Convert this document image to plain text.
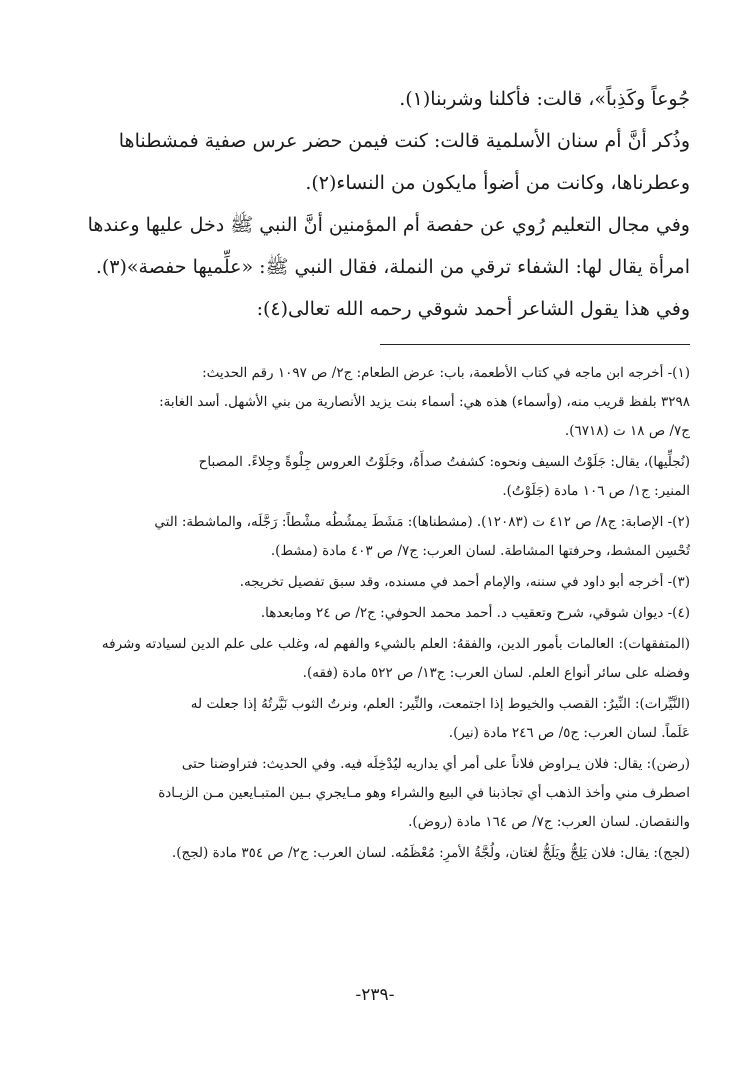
جُوعاً وكَذِباً»، قالت: فأكلنا وشربنا(١).

وذُكر أنَّ أم سنان الأسلمية قالت: كنت فيمن حضر عرس صفية فمشطناها
وعطرناها، وكانت من أضوأ مايكون من النساء(٢).

وفي مجال التعليم رُوي عن حفصة أم المؤمنين أنَّ النبي ﷺ دخل عليها وعندها
امرأة يقال لها: الشفاء ترقي من النملة، فقال النبي ﷺ: «علِّميها حفصة»(٣).

وفي هذا يقول الشاعر أحمد شوقي رحمه الله تعالى(٤):

(١)- أخرجه ابن ماجه في كتاب الأطعمة، باب: عرض الطعام: ج٢/ ص ١٠٩٧ رقم الحديث:
٣٢٩٨ بلفظ قريب منه، (وأسماء) هذه هي: أسماء بنت يزيد الأنصارية من بني الأشهل. أسد الغابة:
ج٧/ ص ١٨ ت (٦٧١٨).
(نُجلِّيها)، يقال: جَلَوْتُ السيف ونحوه: كشفتُ صدأَهُ، وجَلَوْتُ العروس جِلْوةً وجِلاءً. المصباح
المنير: ج١/ ص ١٠٦ مادة (جَلَوْتُ).
(٢)- الإصابة: ج٨/ ص ٤١٢ ت (١٢٠٨٣). (مشطناها): مَشَطَ يمشُطُه مشْطاً: رَجَّلَه، والماشطة: التي
تُحْسِن المشط، وحرفتها المشاطة. لسان العرب: ج٧/ ص ٤٠٣ مادة (مشط).
(٣)- أخرجه أبو داود في سننه، والإمام أحمد في مسنده، وقد سبق تفصيل تخريجه.
(٤)- ديوان شوقي، شرح وتعقيب د. أحمد محمد الحوفي: ج٢/ ص ٢٤ ومابعدها.
(المتفقهات): العالمات بأمور الدين، والفقهُ: العلم بالشيء والفهم له، وغلب على علم الدين لسيادته وشرفه
وفضله على سائر أنواع العلم. لسان العرب: ج١٣/ ص ٥٢٢ مادة (فقه).
(النَّيِّرات): النِّيرُ: القصب والخيوط إذا اجتمعت، والنِّير: العلم، ونرتُ الثوب نَيَّرتُهُ إذا جعلت له
عَلَماً. لسان العرب: ج٥/ ص ٢٤٦ مادة (نير).
(رضن): يقال: فلان يـراوض فلاناً على أمر أي يداريه ليُدْخِلَه فيه. وفي الحديث: فتراوضنا حتى
اصطرف مني وأخذ الذهب أي تجاذبنا في البيع والشراء وهو مـايجري بـين المتبـايعين مـن الزيـادة
والنقصان. لسان العرب: ج٧/ ص ١٦٤ مادة (روض).
(لجج): يقال: فلان يَلِجُّ ويَلَجُّ لغتان، ولُجَّةُ الأمرِ: مُعْظَمُه. لسان العرب: ج٢/ ص ٣٥٤ مادة (لجج).
-٢٣٩-
